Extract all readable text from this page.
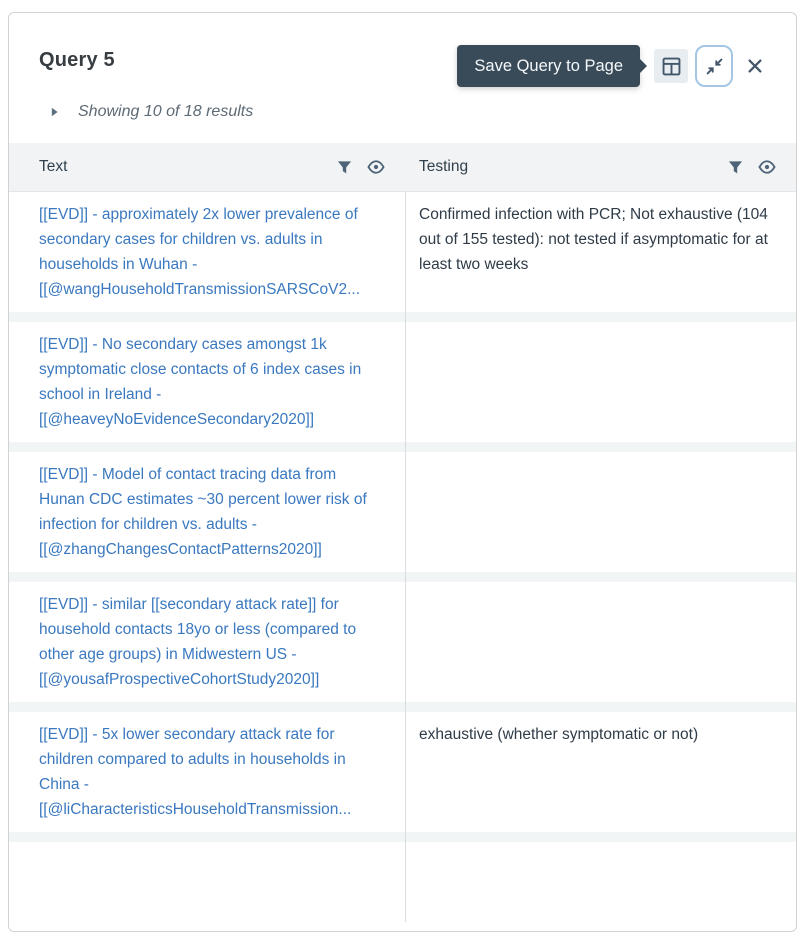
Query 5	Save Query to Page
Showing 10 of 18 results
Text	Testing
[[EVD]] - approximately 2x lower prevalence of secondary cases for children vs. adults in households in Wuhan - [[@wangHouseholdTransmissionSARSCoV2...
Confirmed infection with PCR; Not exhaustive (104 out of 155 tested): not tested if asymptomatic for at least two weeks
[[EVD]] - No secondary cases amongst 1k symptomatic close contacts of 6 index cases in school in Ireland - [[@heaveyNoEvidenceSecondary2020]]
[[EVD]] - Model of contact tracing data from Hunan CDC estimates ~30 percent lower risk of infection for children vs. adults - [[@zhangChangesContactPatterns2020]]
[[EVD]] - similar [[secondary attack rate]] for household contacts 18yo or less (compared to other age groups) in Midwestern US - [[@yousafProspectiveCohortStudy2020]]
[[EVD]] - 5x lower secondary attack rate for children compared to adults in households in China - [[@liCharacteristicsHouseholdTransmission...
exhaustive (whether symptomatic or not)
